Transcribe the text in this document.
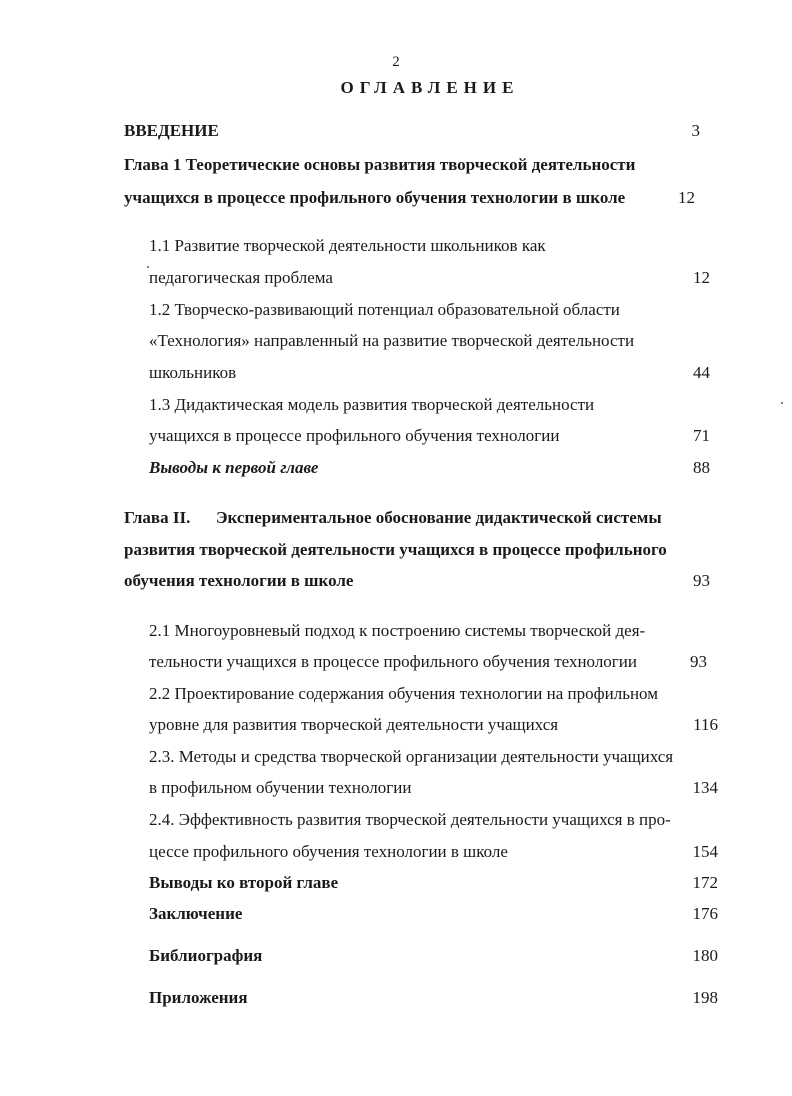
2
ОГЛАВЛЕНИЕ
ВВЕДЕНИЕ	3
Глава 1 Теоретические основы развития творческой деятельности
учащихся в процессе профильного обучения технологии в школе	12
1.1 Развитие творческой деятельности школьников как
педагогическая проблема	12
1.2 Творческо-развивающий потенциал образовательной области
«Технология» направленный на развитие творческой деятельности
школьников	44
1.3 Дидактическая модель развития творческой деятельности
учащихся в процессе профильного обучения технологии	71
Выводы к первой главе	88
Глава II. Экспериментальное обоснование дидактической системы
развития творческой деятельности учащихся в процессе профильного
обучения технологии в школе	93
2.1 Многоуровневый подход к построению системы творческой дея-
тельности учащихся в процессе профильного обучения технологии	93
2.2 Проектирование содержания обучения технологии на профильном
уровне для развития творческой деятельности учащихся	116
2.3. Методы и средства творческой организации деятельности учащихся
в профильном обучении технологии	134
2.4. Эффективность развития творческой деятельности учащихся в про-
цессе профильного обучения технологии в школе	154
Выводы ко второй главе	172
Заключение	176
Библиография	180
Приложения	198
